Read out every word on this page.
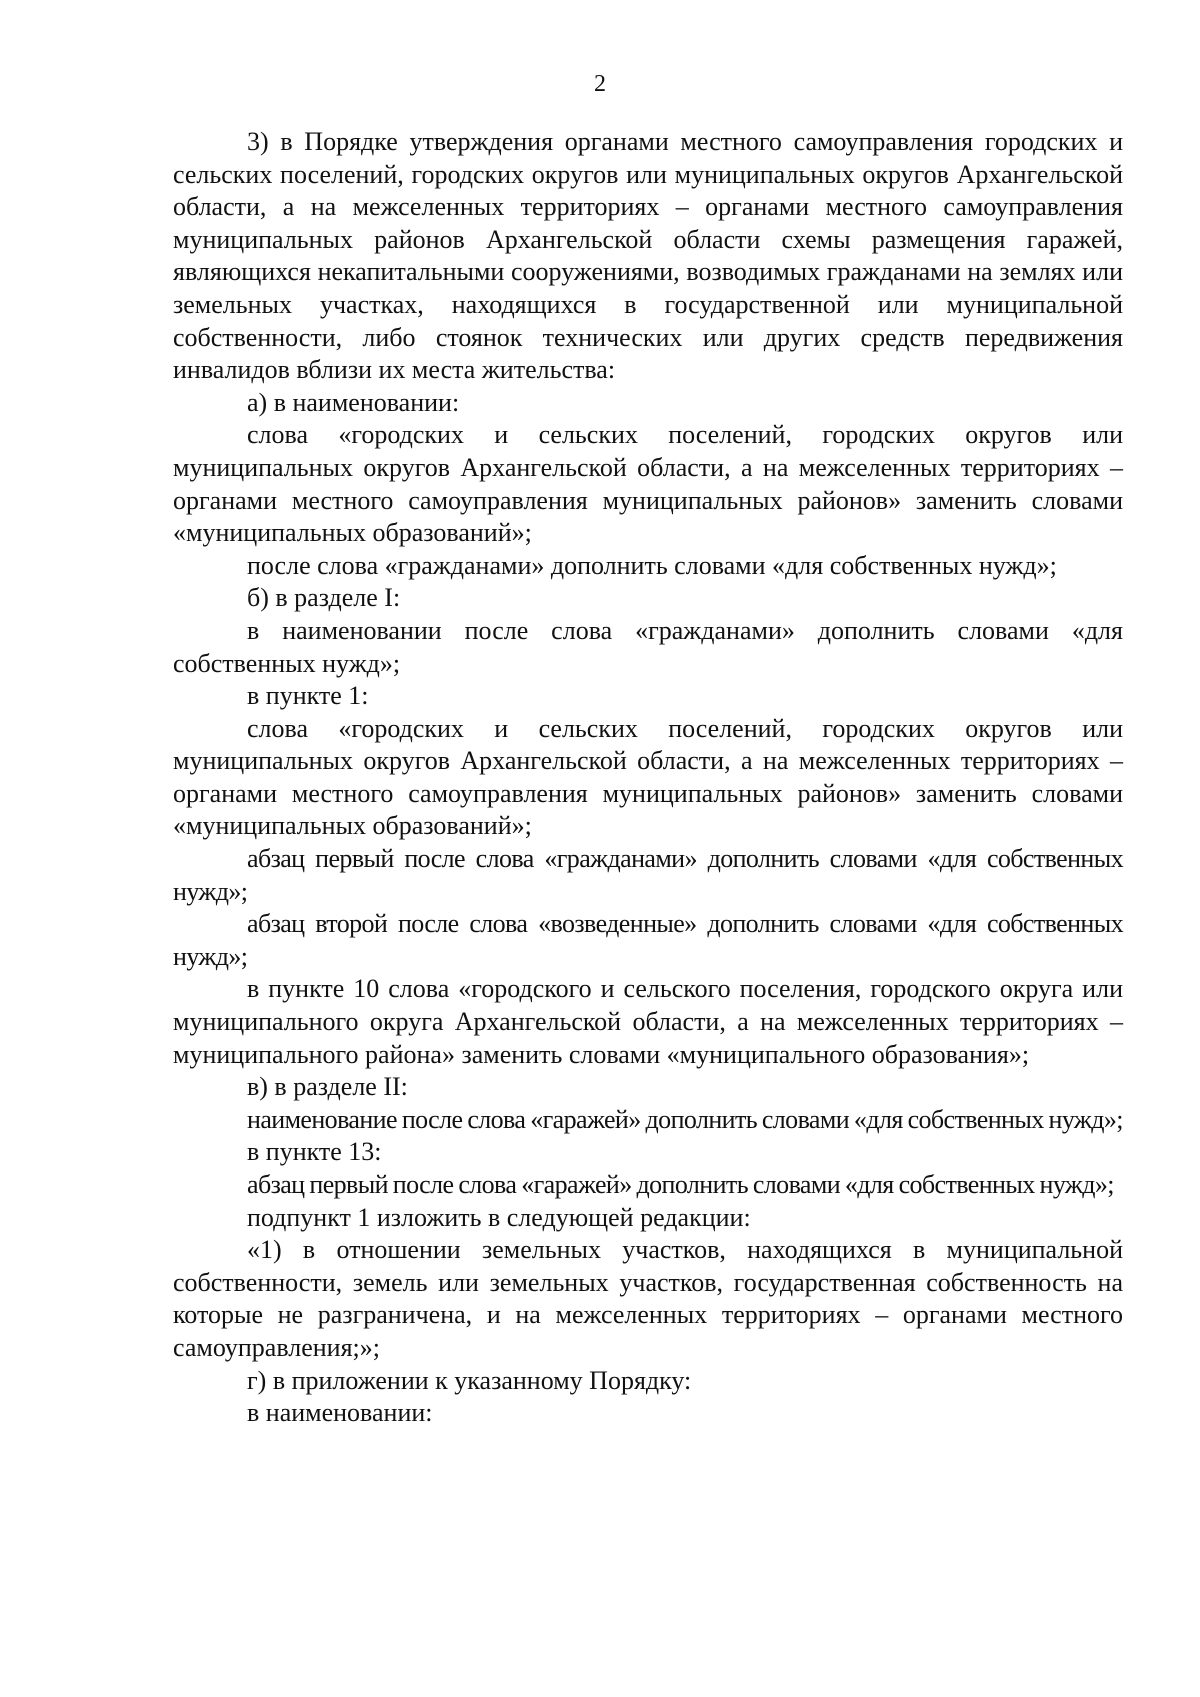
2

3) в Порядке утверждения органами местного самоуправления городских и сельских поселений, городских округов или муниципальных округов Архангельской области, а на межселенных территориях – органами местного самоуправления муниципальных районов Архангельской области схемы размещения гаражей, являющихся некапитальными сооружениями, возводимых гражданами на землях или земельных участках, находящихся в государственной или муниципальной собственности, либо стоянок технических или других средств передвижения инвалидов вблизи их места жительства:

а) в наименовании:

слова «городских и сельских поселений, городских округов или муниципальных округов Архангельской области, а на межселенных территориях – органами местного самоуправления муниципальных районов» заменить словами «муниципальных образований»;

после слова «гражданами» дополнить словами «для собственных нужд»;

б) в разделе I:

в наименовании после слова «гражданами» дополнить словами «для собственных нужд»;

в пункте 1:

слова «городских и сельских поселений, городских округов или муниципальных округов Архангельской области, а на межселенных территориях – органами местного самоуправления муниципальных районов» заменить словами «муниципальных образований»;

абзац первый после слова «гражданами» дополнить словами «для собственных нужд»;

абзац второй после слова «возведенные» дополнить словами «для собственных нужд»;

в пункте 10 слова «городского и сельского поселения, городского округа или муниципального округа Архангельской области, а на межселенных территориях – муниципального района» заменить словами «муниципального образования»;

в) в разделе II:

наименование после слова «гаражей» дополнить словами «для собственных нужд»;

в пункте 13:

абзац первый после слова «гаражей» дополнить словами «для собственных нужд»;

подпункт 1 изложить в следующей редакции:

«1) в отношении земельных участков, находящихся в муниципальной собственности, земель или земельных участков, государственная собственность на которые не разграничена, и на межселенных территориях – органами местного самоуправления;»;

г) в приложении к указанному Порядку:

в наименовании:
